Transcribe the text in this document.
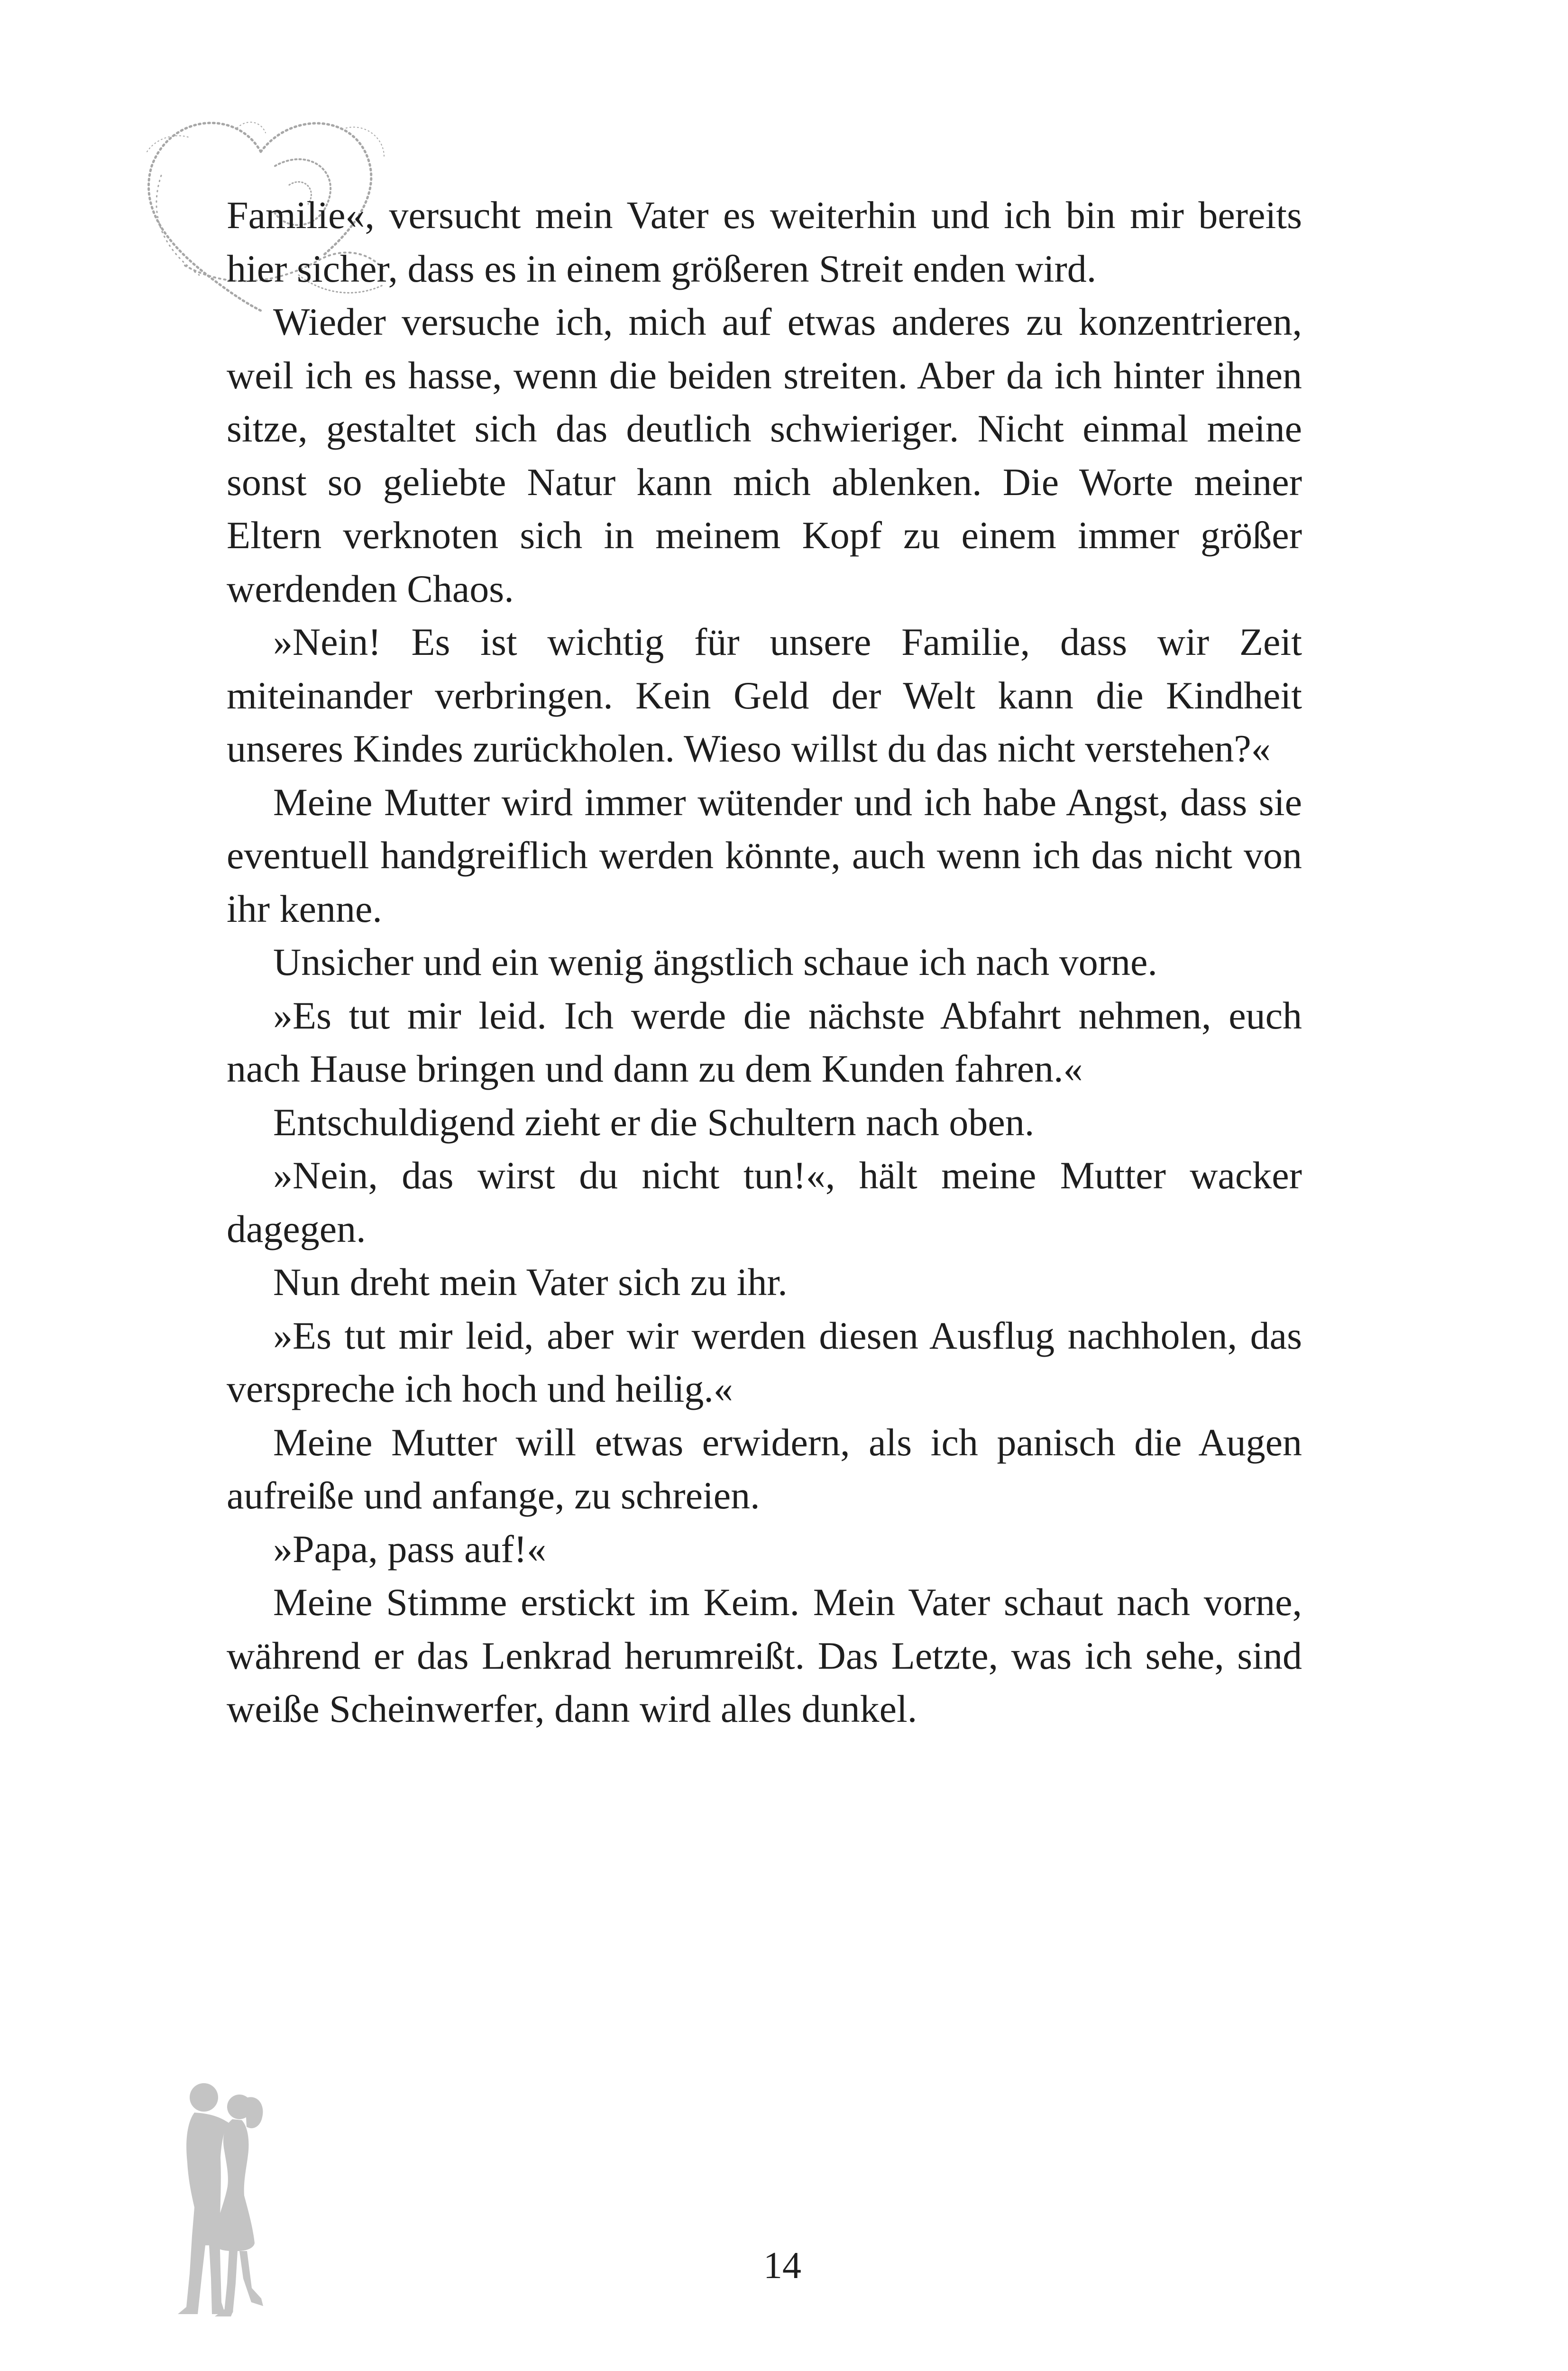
Familie«, versucht mein Vater es weiterhin und ich bin mir bereits hier sicher, dass es in einem größeren Streit enden wird.

Wieder versuche ich, mich auf etwas anderes zu konzentrieren, weil ich es hasse, wenn die beiden streiten. Aber da ich hinter ihnen sitze, gestaltet sich das deutlich schwieriger. Nicht einmal meine sonst so geliebte Natur kann mich ablenken. Die Worte meiner Eltern verknoten sich in meinem Kopf zu einem immer größer werdenden Chaos.

»Nein! Es ist wichtig für unsere Familie, dass wir Zeit miteinander verbringen. Kein Geld der Welt kann die Kindheit unseres Kindes zurückholen. Wieso willst du das nicht verstehen?«

Meine Mutter wird immer wütender und ich habe Angst, dass sie eventuell handgreiflich werden könnte, auch wenn ich das nicht von ihr kenne.

Unsicher und ein wenig ängstlich schaue ich nach vorne.

»Es tut mir leid. Ich werde die nächste Abfahrt nehmen, euch nach Hause bringen und dann zu dem Kunden fahren.«

Entschuldigend zieht er die Schultern nach oben.

»Nein, das wirst du nicht tun!«, hält meine Mutter wacker dagegen.

Nun dreht mein Vater sich zu ihr.

»Es tut mir leid, aber wir werden diesen Ausflug nachholen, das verspreche ich hoch und heilig.«

Meine Mutter will etwas erwidern, als ich panisch die Augen aufreiße und anfange, zu schreien.

»Papa, pass auf!«

Meine Stimme erstickt im Keim. Mein Vater schaut nach vorne, während er das Lenkrad herumreißt. Das Letzte, was ich sehe, sind weiße Scheinwerfer, dann wird alles dunkel.

14
